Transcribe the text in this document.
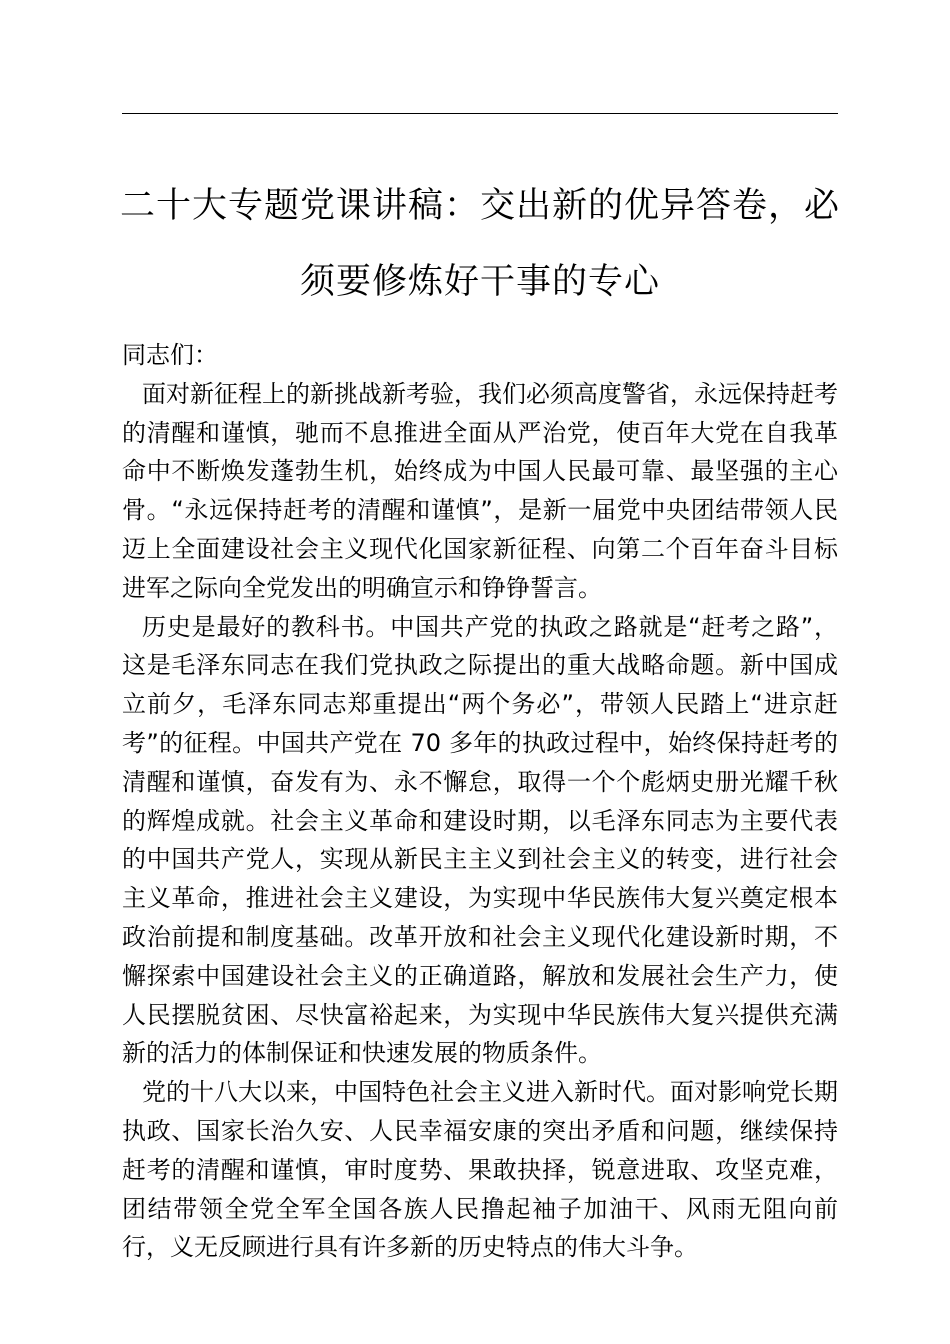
二十大专题党课讲稿：交出新的优异答卷，必
须要修炼好干事的专心

同志们：

面对新征程上的新挑战新考验，我们必须高度警省，永远保持赶考的清醒和谨慎，驰而不息推进全面从严治党，使百年大党在自我革命中不断焕发蓬勃生机，始终成为中国人民最可靠、最坚强的主心骨。“永远保持赶考的清醒和谨慎”，是新一届党中央团结带领人民迈上全面建设社会主义现代化国家新征程、向第二个百年奋斗目标进军之际向全党发出的明确宣示和铮铮誓言。

历史是最好的教科书。中国共产党的执政之路就是“赶考之路”，这是毛泽东同志在我们党执政之际提出的重大战略命题。新中国成立前夕，毛泽东同志郑重提出“两个务必”，带领人民踏上“进京赶考”的征程。中国共产党在 70 多年的执政过程中，始终保持赶考的清醒和谨慎，奋发有为、永不懈怠，取得一个个彪炳史册光耀千秋的辉煌成就。社会主义革命和建设时期，以毛泽东同志为主要代表的中国共产党人，实现从新民主主义到社会主义的转变，进行社会主义革命，推进社会主义建设，为实现中华民族伟大复兴奠定根本政治前提和制度基础。改革开放和社会主义现代化建设新时期，不懈探索中国建设社会主义的正确道路，解放和发展社会生产力，使人民摆脱贫困、尽快富裕起来，为实现中华民族伟大复兴提供充满新的活力的体制保证和快速发展的物质条件。

党的十八大以来，中国特色社会主义进入新时代。面对影响党长期执政、国家长治久安、人民幸福安康的突出矛盾和问题，继续保持赶考的清醒和谨慎，审时度势、果敢抉择，锐意进取、攻坚克难，团结带领全党全军全国各族人民撸起袖子加油干、风雨无阻向前行，义无反顾进行具有许多新的历史特点的伟大斗争。
